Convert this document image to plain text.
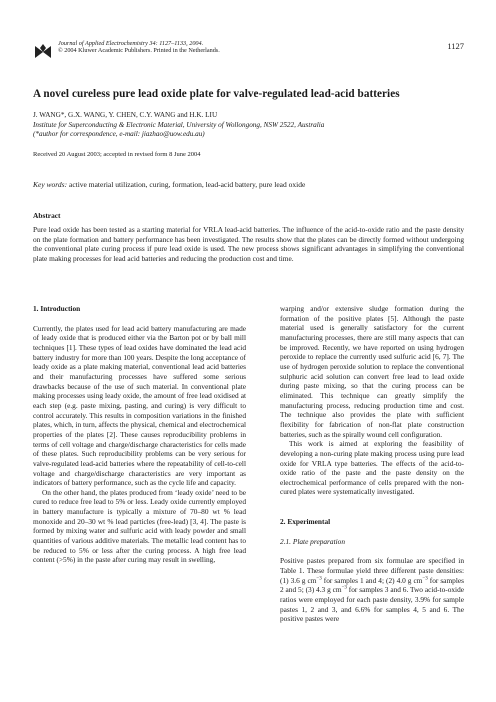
Journal of Applied Electrochemistry 34: 1127–1133, 2004.
© 2004 Kluwer Academic Publishers. Printed in the Netherlands.	1127
A novel cureless pure lead oxide plate for valve-regulated lead-acid batteries
J. WANG*, G.X. WANG, Y. CHEN, C.Y. WANG and H.K. LIU
Institute for Superconducting & Electronic Material, University of Wollongong, NSW 2522, Australia
(*author for correspondence, e-mail: jiazhao@uow.edu.au)
Received 20 August 2003; accepted in revised form 8 June 2004
Key words: active material utilization, curing, formation, lead-acid battery, pure lead oxide
Abstract
Pure lead oxide has been tested as a starting material for VRLA lead-acid batteries. The influence of the acid-to-oxide ratio and the paste density on the plate formation and battery performance has been investigated. The results show that the plates can be directly formed without undergoing the conventional plate curing process if pure lead oxide is used. The new process shows significant advantages in simplifying the conventional plate making processes for lead acid batteries and reducing the production cost and time.
1. Introduction

Currently, the plates used for lead acid battery manufacturing are made of leady oxide that is produced either via the Barton pot or by ball mill techniques [1]. These types of lead oxides have dominated the lead acid battery industry for more than 100 years. Despite the long acceptance of leady oxide as a plate making material, conventional lead acid batteries and their manufacturing processes have suffered some serious drawbacks because of the use of such material. In conventional plate making processes using leady oxide, the amount of free lead oxidised at each step (e.g. paste mixing, pasting, and curing) is very difficult to control accurately. This results in composition variations in the finished plates, which, in turn, affects the physical, chemical and electrochemical properties of the plates [2]. These causes reproducibility problems in terms of cell voltage and charge/discharge characteristics for cells made of these plates. Such reproducibility problems can be very serious for valve-regulated lead-acid batteries where the repeatability of cell-to-cell voltage and charge/discharge characteristics are very important as indicators of battery performance, such as the cycle life and capacity.

On the other hand, the plates produced from ‘leady oxide’ need to be cured to reduce free lead to 5% or less. Leady oxide currently employed in battery manufacture is typically a mixture of 70–80 wt % lead monoxide and 20–30 wt % lead particles (free-lead) [3, 4]. The paste is formed by mixing water and sulfuric acid with leady powder and small quantities of various additive materials. The metallic lead content has to be reduced to 5% or less after the curing process. A high free lead content (>5%) in the paste after curing may result in swelling,

warping and/or extensive sludge formation during the formation of the positive plates [5]. Although the paste material used is generally satisfactory for the current manufacturing processes, there are still many aspects that can be improved. Recently, we have reported on using hydrogen peroxide to replace the currently used sulfuric acid [6, 7]. The use of hydrogen peroxide solution to replace the conventional sulphuric acid solution can convert free lead to lead oxide during paste mixing, so that the curing process can be eliminated. This technique can greatly simplify the manufacturing process, reducing production time and cost. The technique also provides the plate with sufficient flexibility for fabrication of non-flat plate construction batteries, such as the spirally wound cell configuration.

This work is aimed at exploring the feasibility of developing a non-curing plate making process using pure lead oxide for VRLA type batteries. The effects of the acid-to-oxide ratio of the paste and the paste density on the electrochemical performance of cells prepared with the non-cured plates were systematically investigated.

2. Experimental
2.1. Plate preparation

Positive pastes prepared from six formulae are specified in Table 1. These formulae yield three different paste densities: (1) 3.6 g $cm^{-3}$ for samples 1 and 4; (2) 4.0 g $cm^{-3}$ for samples 2 and 5; (3) 4.3 g $cm^{-3}$ for samples 3 and 6. Two acid-to-oxide ratios were employed for each paste density, 3.9% for sample pastes 1, 2 and 3, and 6.6% for samples 4, 5 and 6. The positive pastes were
